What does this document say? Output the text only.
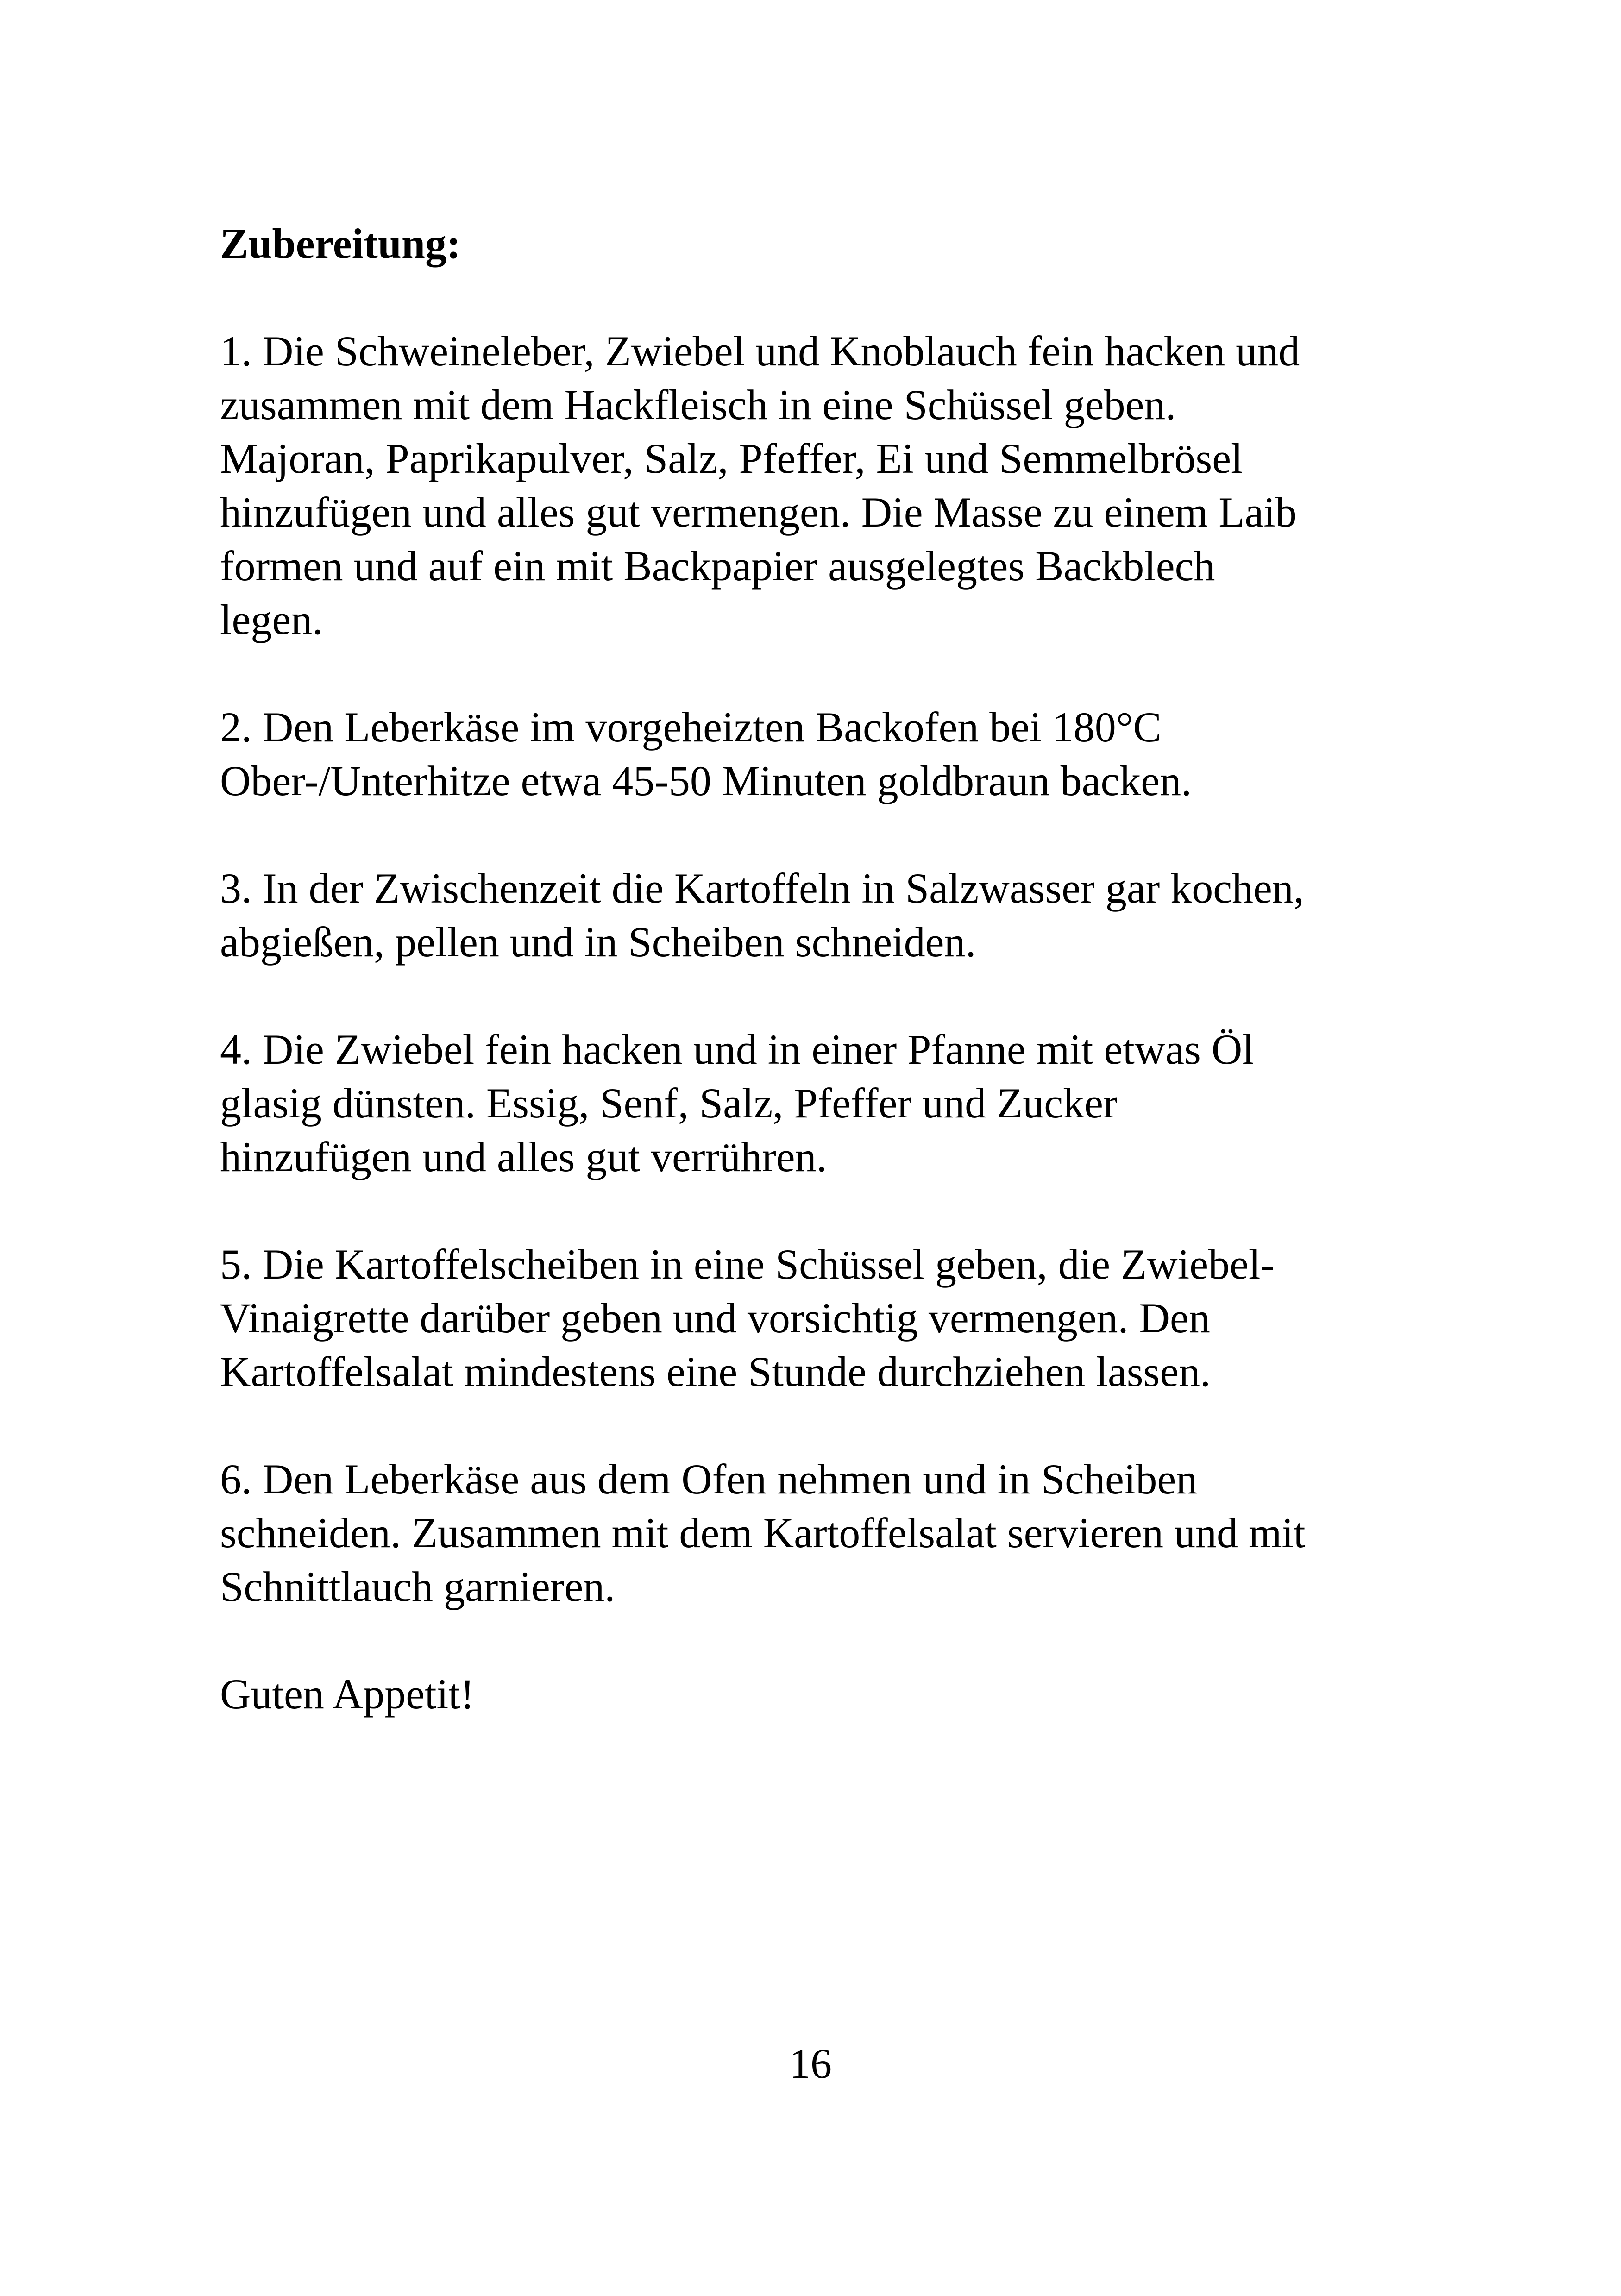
Zubereitung:

1. Die Schweineleber, Zwiebel und Knoblauch fein hacken und
zusammen mit dem Hackfleisch in eine Schüssel geben.
Majoran, Paprikapulver, Salz, Pfeffer, Ei und Semmelbrösel
hinzufügen und alles gut vermengen. Die Masse zu einem Laib
formen und auf ein mit Backpapier ausgelegtes Backblech
legen.

2. Den Leberkäse im vorgeheizten Backofen bei 180°C
Ober-/Unterhitze etwa 45-50 Minuten goldbraun backen.

3. In der Zwischenzeit die Kartoffeln in Salzwasser gar kochen,
abgießen, pellen und in Scheiben schneiden.

4. Die Zwiebel fein hacken und in einer Pfanne mit etwas Öl
glasig dünsten. Essig, Senf, Salz, Pfeffer und Zucker
hinzufügen und alles gut verrühren.

5. Die Kartoffelscheiben in eine Schüssel geben, die Zwiebel-
Vinaigrette darüber geben und vorsichtig vermengen. Den
Kartoffelsalat mindestens eine Stunde durchziehen lassen.

6. Den Leberkäse aus dem Ofen nehmen und in Scheiben
schneiden. Zusammen mit dem Kartoffelsalat servieren und mit
Schnittlauch garnieren.

Guten Appetit!

16
